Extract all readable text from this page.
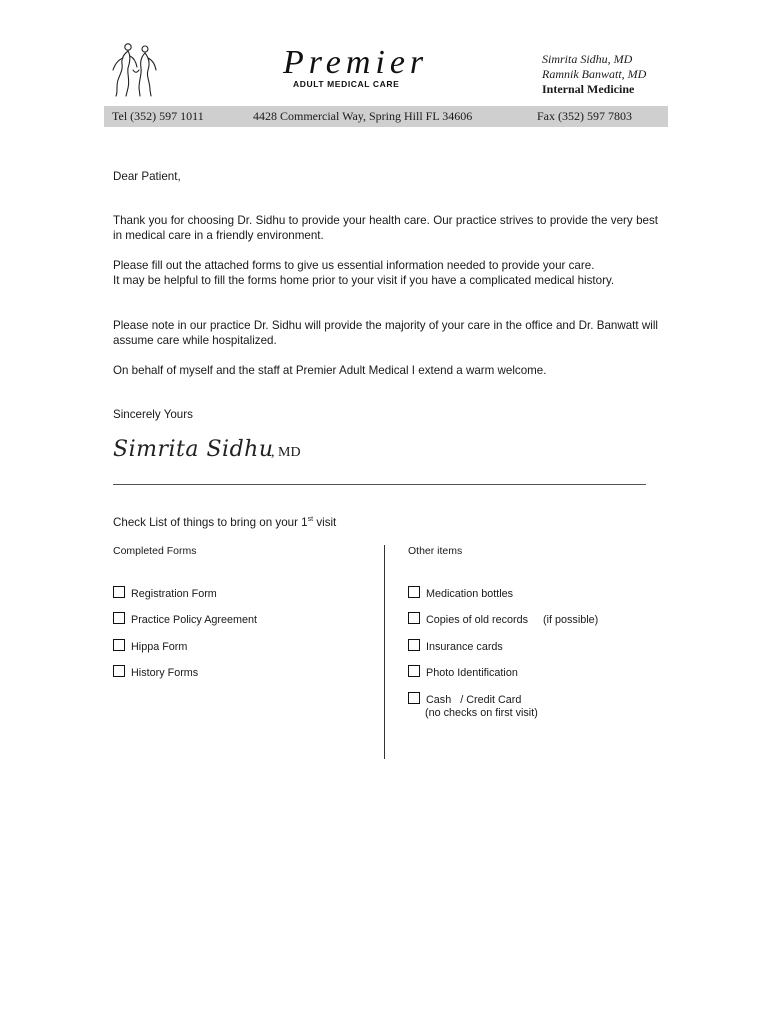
Premier
ADULT MEDICAL CARE
Simrita Sidhu, MD
Ramnik Banwatt, MD
Internal Medicine
Tel (352) 597 1011	4428 Commercial Way, Spring Hill FL 34606	Fax (352) 597 7803
Dear Patient,
Thank you for choosing Dr. Sidhu to provide your health care. Our practice strives to provide the very best in medical care in a friendly environment.
Please fill out the attached forms to give us essential information needed to provide your care.
It may be helpful to fill the forms home prior to your visit if you have a complicated medical history.
Please note in our practice Dr. Sidhu will provide the majority of your care in the office and Dr. Banwatt will assume care while hospitalized.
On behalf of myself and the staff at Premier Adult Medical I extend a warm welcome.
Sincerely Yours
Simrita Sidhu
, MD
Check List of things to bring on your 1st visit
Completed Forms	Other items
Registration Form
Practice Policy Agreement
Hippa Form
History Forms
Medication bottles
Copies of old records     (if possible)
Insurance cards
Photo Identification
Cash   / Credit Card
(no checks on first visit)
